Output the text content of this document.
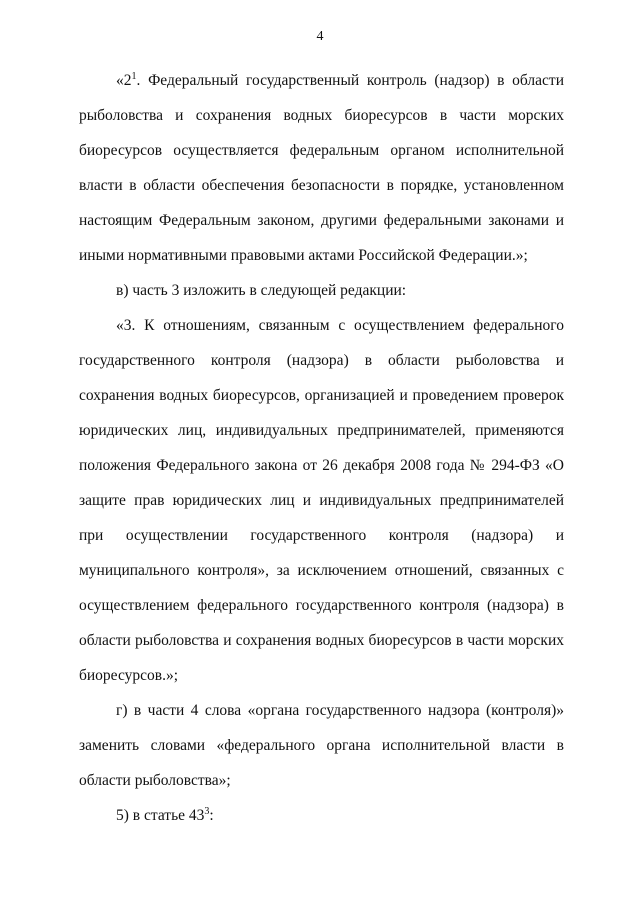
4

«$2^1$. Федеральный государственный контроль (надзор) в области рыболовства и сохранения водных биоресурсов в части морских биоресурсов осуществляется федеральным органом исполнительной власти в области обеспечения безопасности в порядке, установленном настоящим Федеральным законом, другими федеральными законами и иными нормативными правовыми актами Российской Федерации.»;

в) часть 3 изложить в следующей редакции:

«3. К отношениям, связанным с осуществлением федерального государственного контроля (надзора) в области рыболовства и сохранения водных биоресурсов, организацией и проведением проверок юридических лиц, индивидуальных предпринимателей, применяются положения Федерального закона от 26 декабря 2008 года № 294-ФЗ «О защите прав юридических лиц и индивидуальных предпринимателей при осуществлении государственного контроля (надзора) и муниципального контроля», за исключением отношений, связанных с осуществлением федерального государственного контроля (надзора) в области рыболовства и сохранения водных биоресурсов в части морских биоресурсов.»;

г) в части 4 слова «органа государственного надзора (контроля)» заменить словами «федерального органа исполнительной власти в области рыболовства»;

5) в статье $43^3$:
